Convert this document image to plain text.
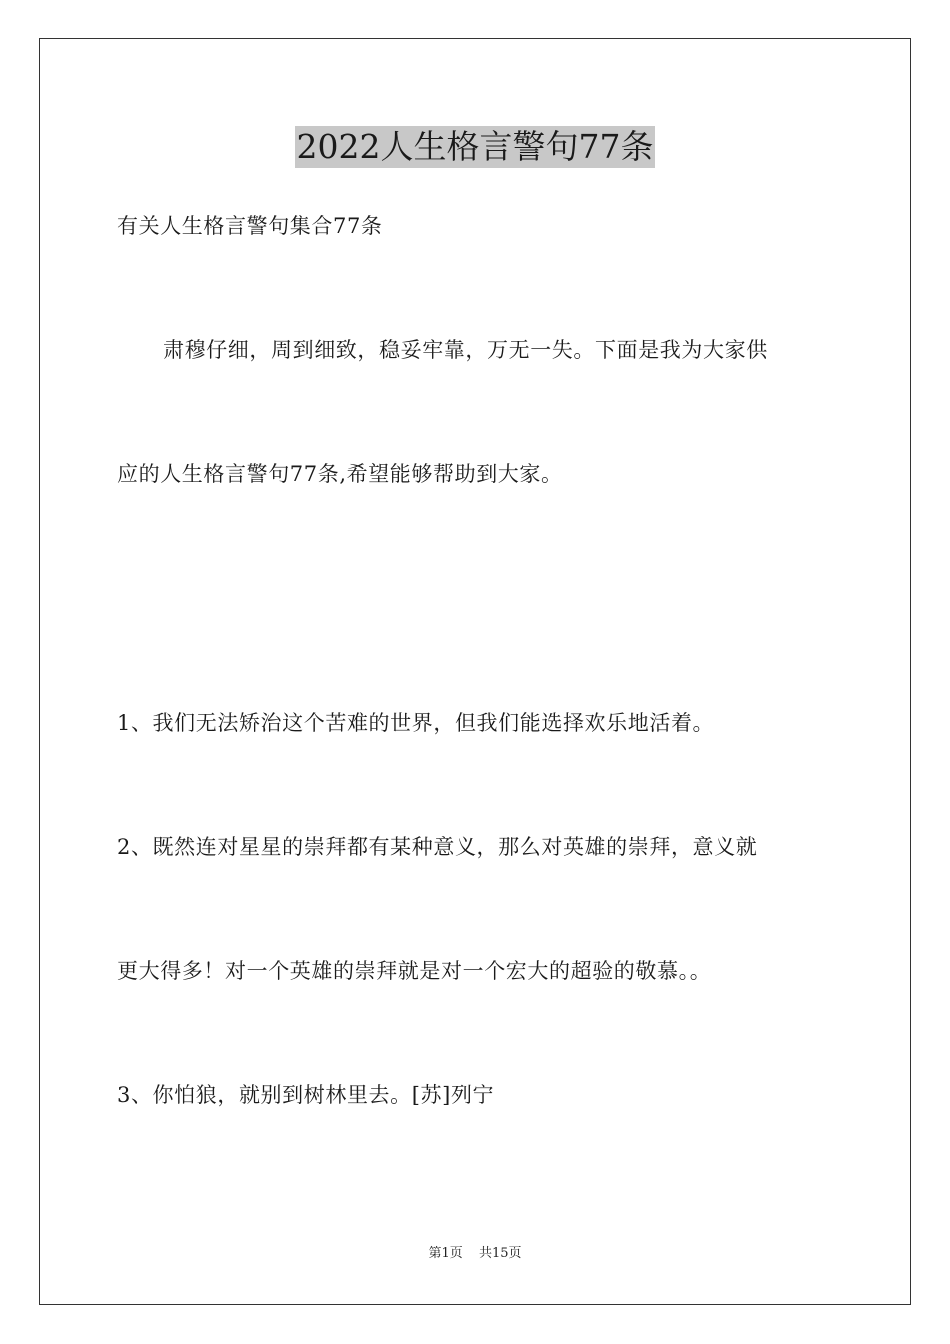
2022人生格言警句77条
有关人生格言警句集合77条
肃穆仔细，周到细致，稳妥牢靠，万无一失。下面是我为大家供
应的人生格言警句77条,希望能够帮助到大家。
1、我们无法矫治这个苦难的世界，但我们能选择欢乐地活着。
2、既然连对星星的崇拜都有某种意义，那么对英雄的崇拜，意义就
更大得多！对一个英雄的崇拜就是对一个宏大的超验的敬慕。。
3、你怕狼，就别到树林里去。[苏]列宁
第1页 共15页
